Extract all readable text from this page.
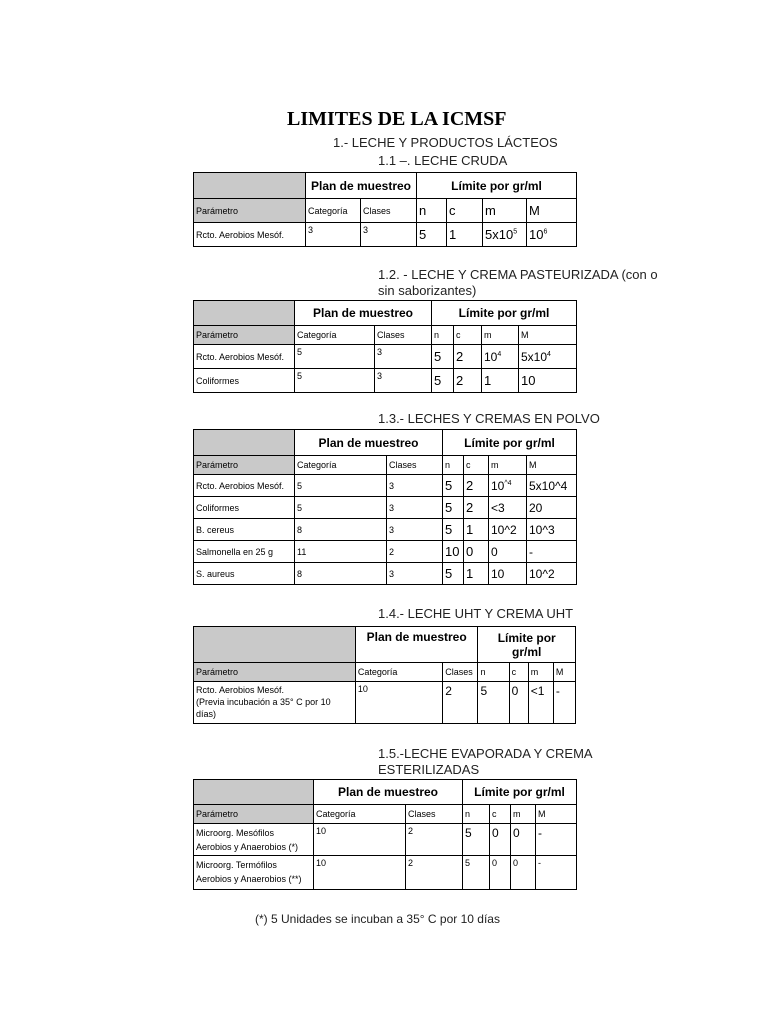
LIMITES DE LA ICMSF
1.- LECHE Y PRODUCTOS LÁCTEOS
1.1 –. LECHE CRUDA
	Plan de muestreo		Límite por gr/ml			
Parámetro	Categoría	Clases	n	c	m	M
Rcto. Aerobios Mesóf.	3	3	5	1	$5x10^5$	$10^6$
1.2. - LECHE Y CREMA PASTEURIZADA (con o
sin saborizantes)
	Plan de muestreo		Límite por gr/ml			
Parámetro	Categoría	Clases	n	c	m	M
Rcto. Aerobios Mesóf.	5	3	5	2	$10^4$	$5x10^4$
Coliformes	5	3	5	2	1	10
1.3.- LECHES Y CREMAS EN POLVO
	Plan de muestreo		Límite por gr/ml			
Parámetro	Categoría	Clases	n	c	m	M
Rcto. Aerobios Mesóf.	5	3	5	2	$10^{\^{}4}$	5x10^4
Coliformes	5	3	5	2	<3	20
B. cereus	8	3	5	1	10^2	10^3
Salmonella en 25 g	11	2	10	0	0	-
S. aureus	8	3	5	1	10	10^2
1.4.- LECHE UHT Y CREMA UHT
	Plan de muestreo		Límite por
gr/ml			

Parámetro	Categoría	Clases	n	c	m	M

Rcto. Aerobios Mesóf.
(Previa incubación a 35° C por 10
días)	10	2	5	0	<1	-
1.5.-LECHE EVAPORADA Y CREMA
ESTERILIZADAS
	Plan de muestreo		Límite por gr/ml			
Parámetro	Categoría	Clases	n	c	m	M

Microorg. Mesófilos
Aerobios y Anaerobios (*)	10	2	5	0	0	-

Microorg. Termófilos
Aerobios y Anaerobios (**)	10	2	5	0	0	-
(*) 5 Unidades se incuban a 35° C por 10 días
